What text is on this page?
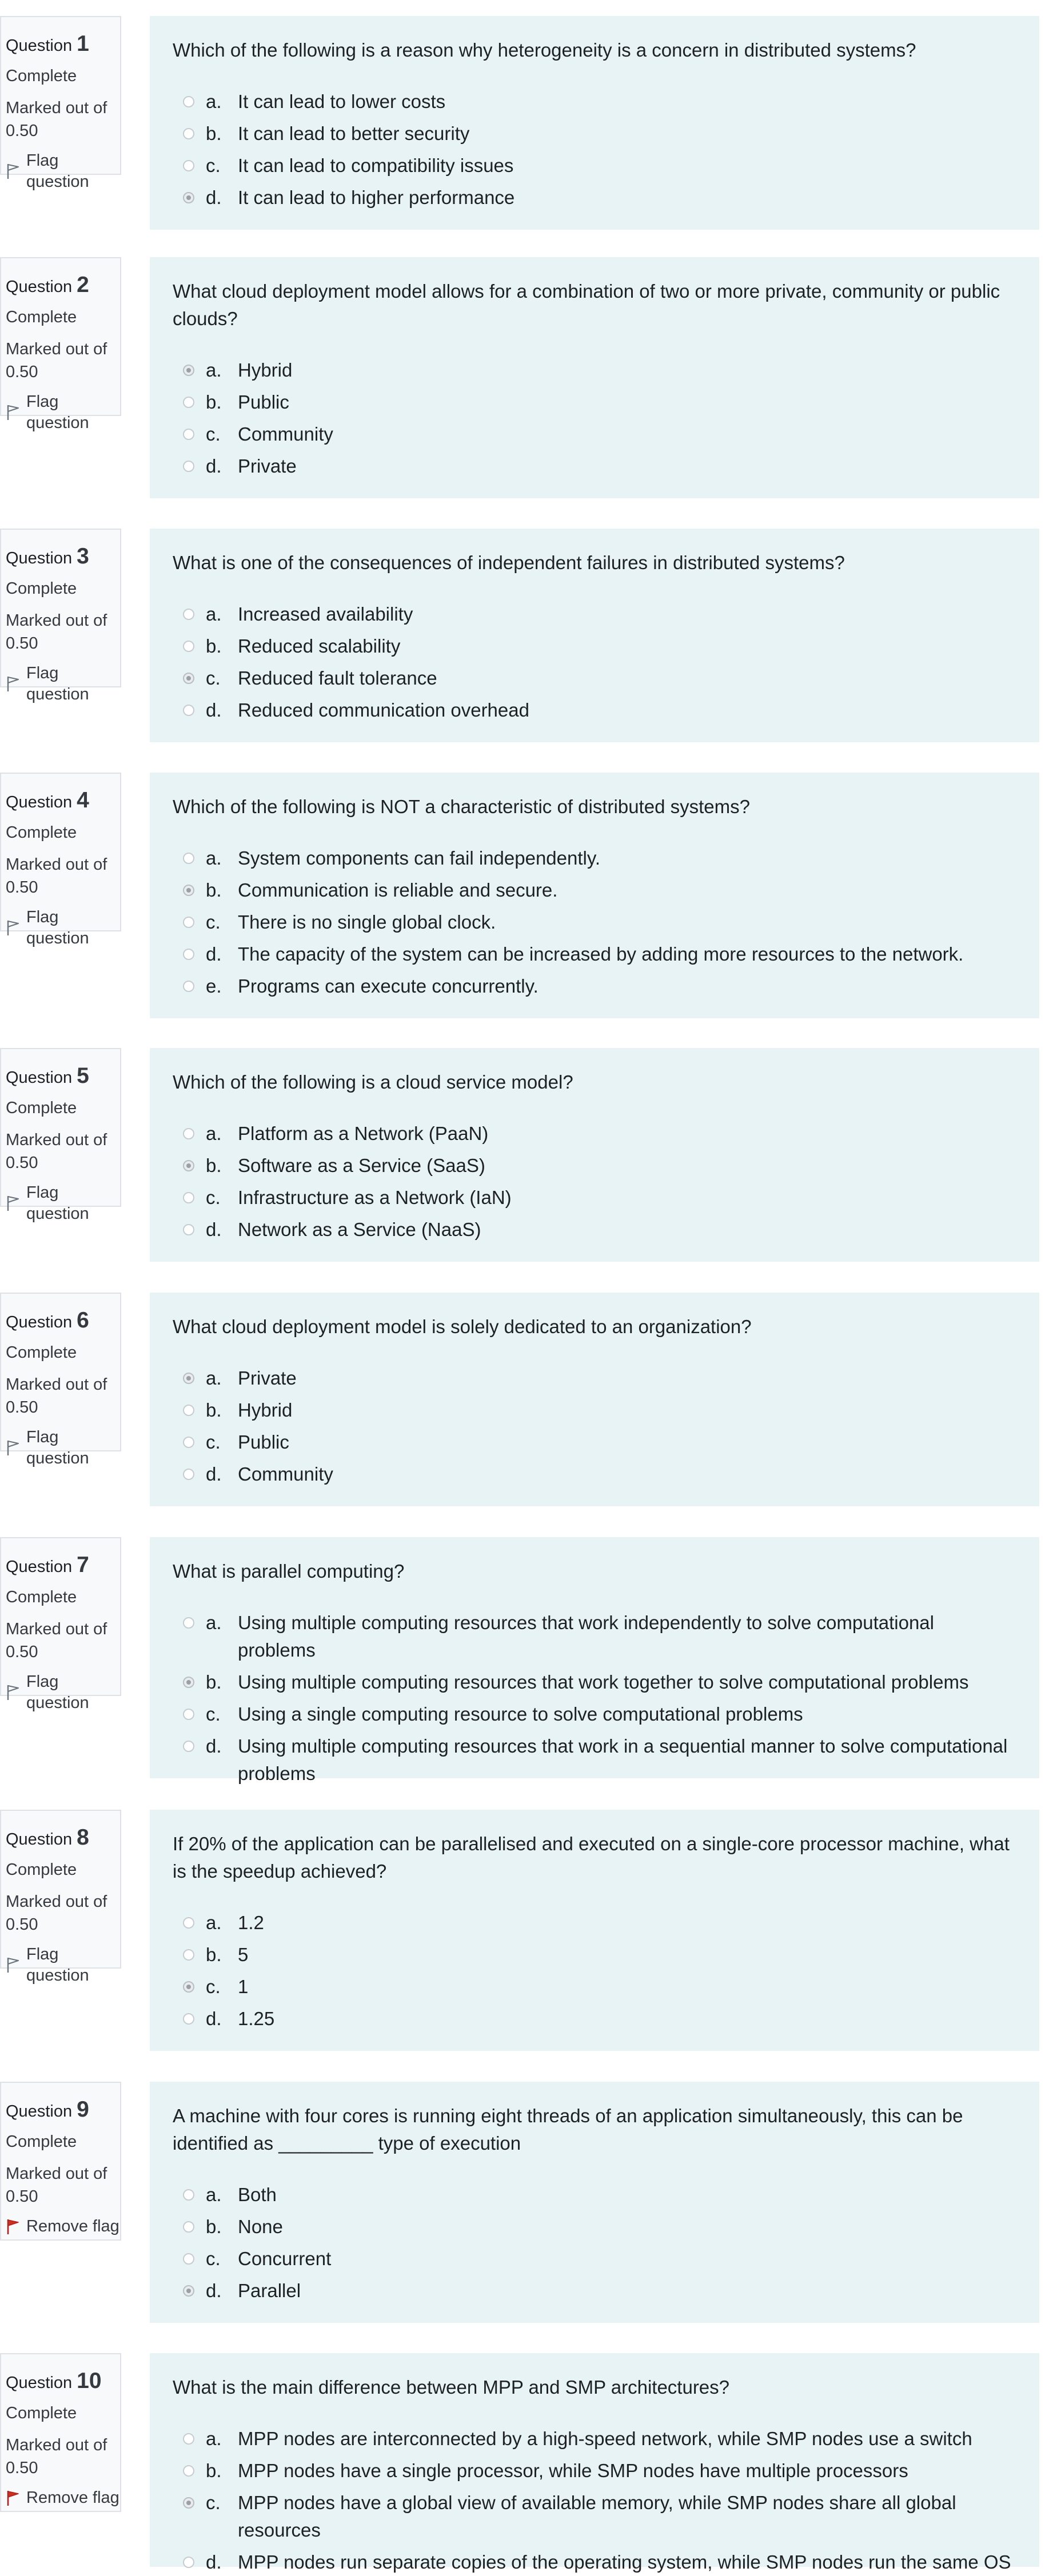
Question 1
Complete
Marked out of
0.50
Flag question
Which of the following is a reason why heterogeneity is a concern in distributed systems?
a. It can lead to lower costs
b. It can lead to better security
c. It can lead to compatibility issues
d. It can lead to higher performance
Question 2
Complete
Marked out of
0.50
Flag question
What cloud deployment model allows for a combination of two or more private, community or public clouds?
a. Hybrid
b. Public
c. Community
d. Private
Question 3
Complete
Marked out of
0.50
Flag question
What is one of the consequences of independent failures in distributed systems?
a. Increased availability
b. Reduced scalability
c. Reduced fault tolerance
d. Reduced communication overhead
Question 4
Complete
Marked out of
0.50
Flag question
Which of the following is NOT a characteristic of distributed systems?
a. System components can fail independently.
b. Communication is reliable and secure.
c. There is no single global clock.
d. The capacity of the system can be increased by adding more resources to the network.
e. Programs can execute concurrently.
Question 5
Complete
Marked out of
0.50
Flag question
Which of the following is a cloud service model?
a. Platform as a Network (PaaN)
b. Software as a Service (SaaS)
c. Infrastructure as a Network (IaN)
d. Network as a Service (NaaS)
Question 6
Complete
Marked out of
0.50
Flag question
What cloud deployment model is solely dedicated to an organization?
a. Private
b. Hybrid
c. Public
d. Community
Question 7
Complete
Marked out of
0.50
Flag question
What is parallel computing?
a. Using multiple computing resources that work independently to solve computational problems
b. Using multiple computing resources that work together to solve computational problems
c. Using a single computing resource to solve computational problems
d. Using multiple computing resources that work in a sequential manner to solve computational problems
Question 8
Complete
Marked out of
0.50
Flag question
If 20% of the application can be parallelised and executed on a single-core processor machine, what is the speedup achieved?
a. 1.2
b. 5
c. 1
d. 1.25
Question 9
Complete
Marked out of
0.50
Remove flag
A machine with four cores is running eight threads of an application simultaneously, this can be identified as _________ type of execution
a. Both
b. None
c. Concurrent
d. Parallel
Question 10
Complete
Marked out of
0.50
Remove flag
What is the main difference between MPP and SMP architectures?
a. MPP nodes are interconnected by a high-speed network, while SMP nodes use a switch
b. MPP nodes have a single processor, while SMP nodes have multiple processors
c. MPP nodes have a global view of available memory, while SMP nodes share all global resources
d. MPP nodes run separate copies of the operating system, while SMP nodes run the same OS
